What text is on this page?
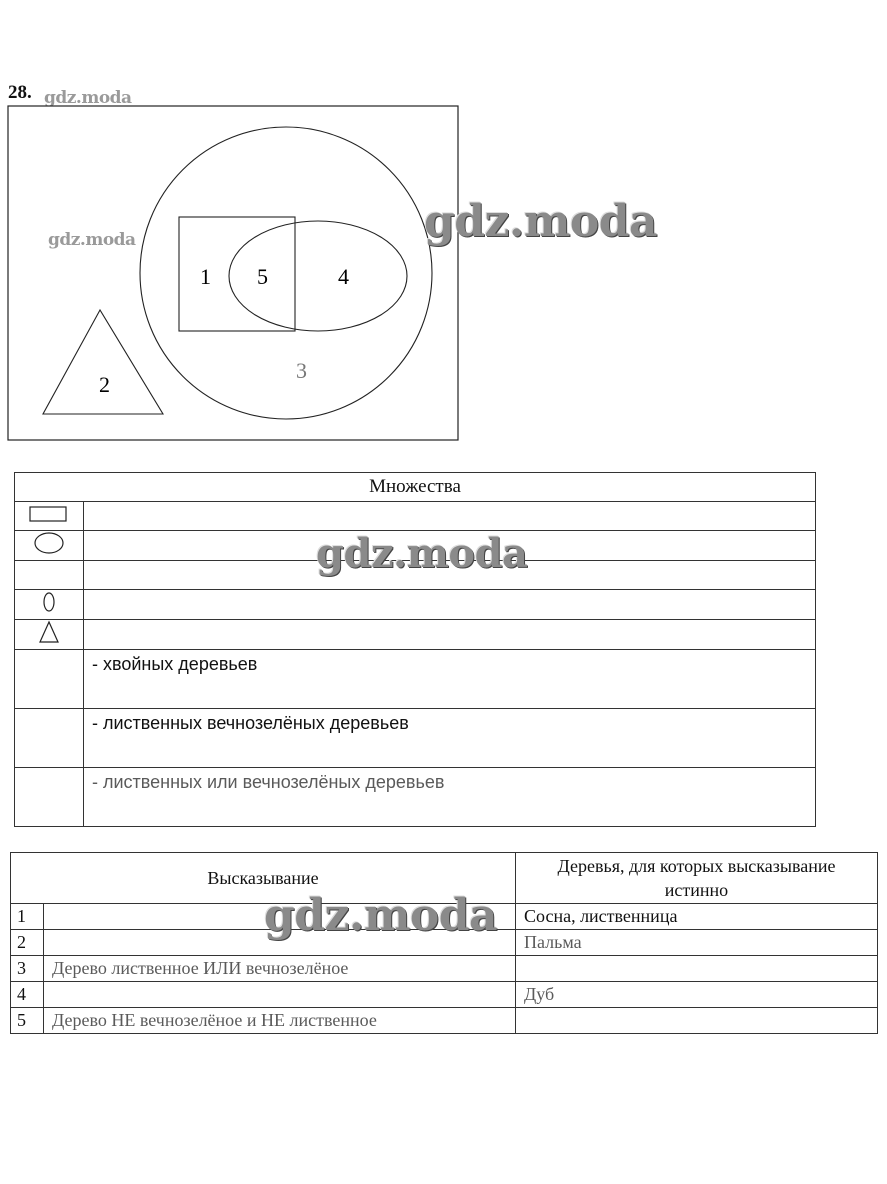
28. gdz.moda
1 5	4
2
3
gdz.moda	gdz.moda
Множества	

	- хвойных деревьев
	- лиственных вечнозелёных деревьев
	- лиственных или вечнозелёных деревьев
gdz.moda
Высказывание		Деревья, для которых высказывание истинно
1		Сосна, лиственница
2		Пальма
3	Дерево лиственное ИЛИ вечнозелёное	
4		Дуб
5	Дерево НЕ вечнозелёное и НЕ лиственное	
gdz.moda
